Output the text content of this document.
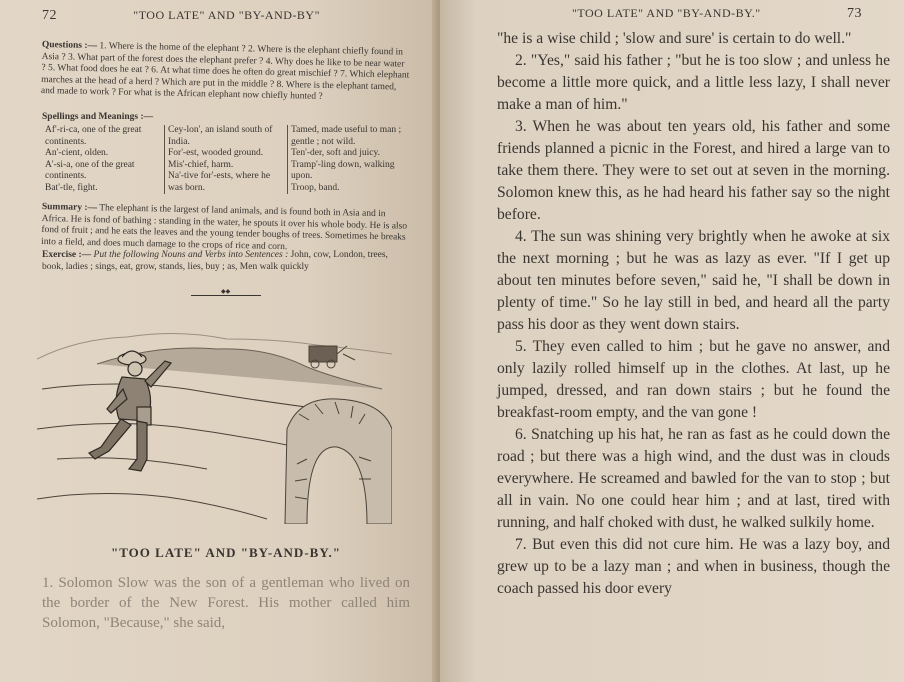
72	"TOO LATE" AND "BY-AND-BY"

Questions :— 1. Where is the home of the elephant ? 2. Where is the elephant chiefly found in Asia ? 3. What part of the forest does the elephant prefer ? 4. Why does he like to be near water ? 5. What food does he eat ? 6. At what time does he often do great mischief ? 7. Which elephant marches at the head of a herd ? Which are put in the middle ? 8. Where is the elephant tamed, and made to work ? For what is the African elephant now chiefly hunted ?

Spellings and Meanings :—

Af'-ri-ca, one of the great continents.
An'-cient, olden.
A'-si-a, one of the great continents.
Bat'-tle, fight.
Cey-lon', an island south of India.
For'-est, wooded ground.
Mis'-chief, harm.
Na'-tive for'-ests, where he was born.
Tamed, made useful to man ; gentle ; not wild.
Ten'-der, soft and juicy.
Tramp'-ling down, walking upon.
Troop, band.

Summary :— The elephant is the largest of land animals, and is found both in Asia and in Africa. He is fond of bathing : standing in the water, he spouts it over his whole body. He is also fond of fruit ; and he eats the leaves and the young tender boughs of trees. Sometimes he breaks into a field, and does much damage to the crops of rice and corn.

Exercise :— Put the following Nouns and Verbs into Sentences : John, cow, London, trees, book, ladies ; sings, eat, grow, stands, lies, buy ; as, Men walk quickly

◆◆
"TOO LATE" AND "BY-AND-BY."

1. Solomon Slow was the son of a gentleman who lived on the border of the New Forest. His mother called him Solomon, "Because," she said,

"TOO LATE" AND "BY-AND-BY."	73

"he is a wise child ; 'slow and sure' is certain to do well."

2. "Yes," said his father ; "but he is too slow ; and unless he become a little more quick, and a little less lazy, I shall never make a man of him."

3. When he was about ten years old, his father and some friends planned a picnic in the Forest, and hired a large van to take them there. They were to set out at seven in the morning. Solomon knew this, as he had heard his father say so the night before.

4. The sun was shining very brightly when he awoke at six the next morning ; but he was as lazy as ever. "If I get up about ten minutes before seven," said he, "I shall be down in plenty of time." So he lay still in bed, and heard all the party pass his door as they went down stairs.

5. They even called to him ; but he gave no answer, and only lazily rolled himself up in the clothes. At last, up he jumped, dressed, and ran down stairs ; but he found the breakfast-room empty, and the van gone !

6. Snatching up his hat, he ran as fast as he could down the road ; but there was a high wind, and the dust was in clouds everywhere. He screamed and bawled for the van to stop ; but all in vain. No one could hear him ; and at last, tired with running, and half choked with dust, he walked sulkily home.

7. But even this did not cure him. He was a lazy boy, and grew up to be a lazy man ; and when in business, though the coach passed his door every
